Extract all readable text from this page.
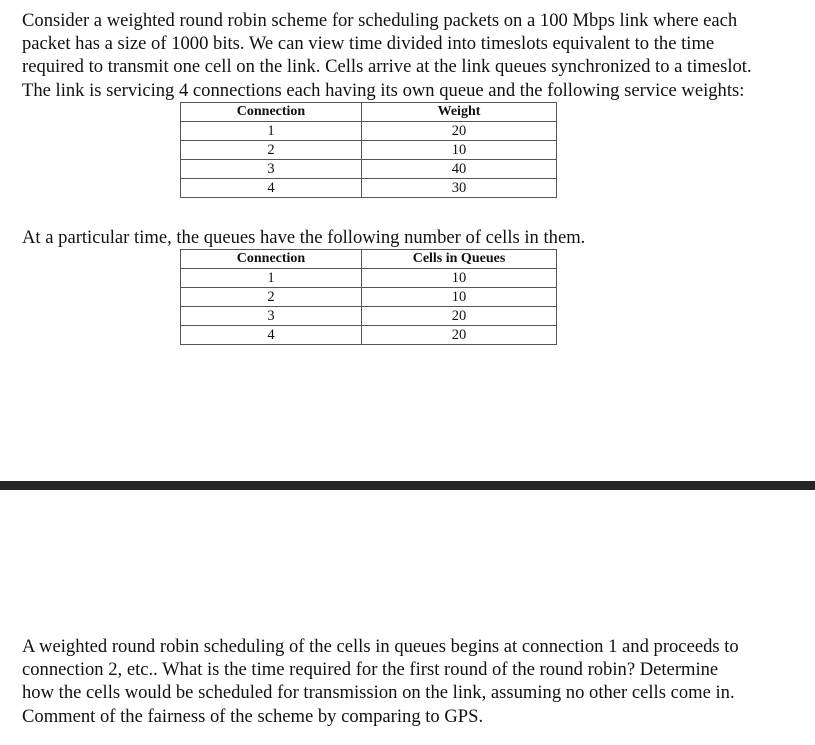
Consider a weighted round robin scheme for scheduling packets on a 100 Mbps link where each
packet has a size of 1000 bits. We can view time divided into timeslots equivalent to the time
required to transmit one cell on the link. Cells arrive at the link queues synchronized to a timeslot.
The link is servicing 4 connections each having its own queue and the following service weights:

Connection	Weight
1	20
2	10
3	40
4	30

At a particular time, the queues have the following number of cells in them.

Connection	Cells in Queues
1	10
2	10
3	20
4	20

A weighted round robin scheduling of the cells in queues begins at connection 1 and proceeds to
connection 2, etc.. What is the time required for the first round of the round robin? Determine
how the cells would be scheduled for transmission on the link, assuming no other cells come in.
Comment of the fairness of the scheme by comparing to GPS.
